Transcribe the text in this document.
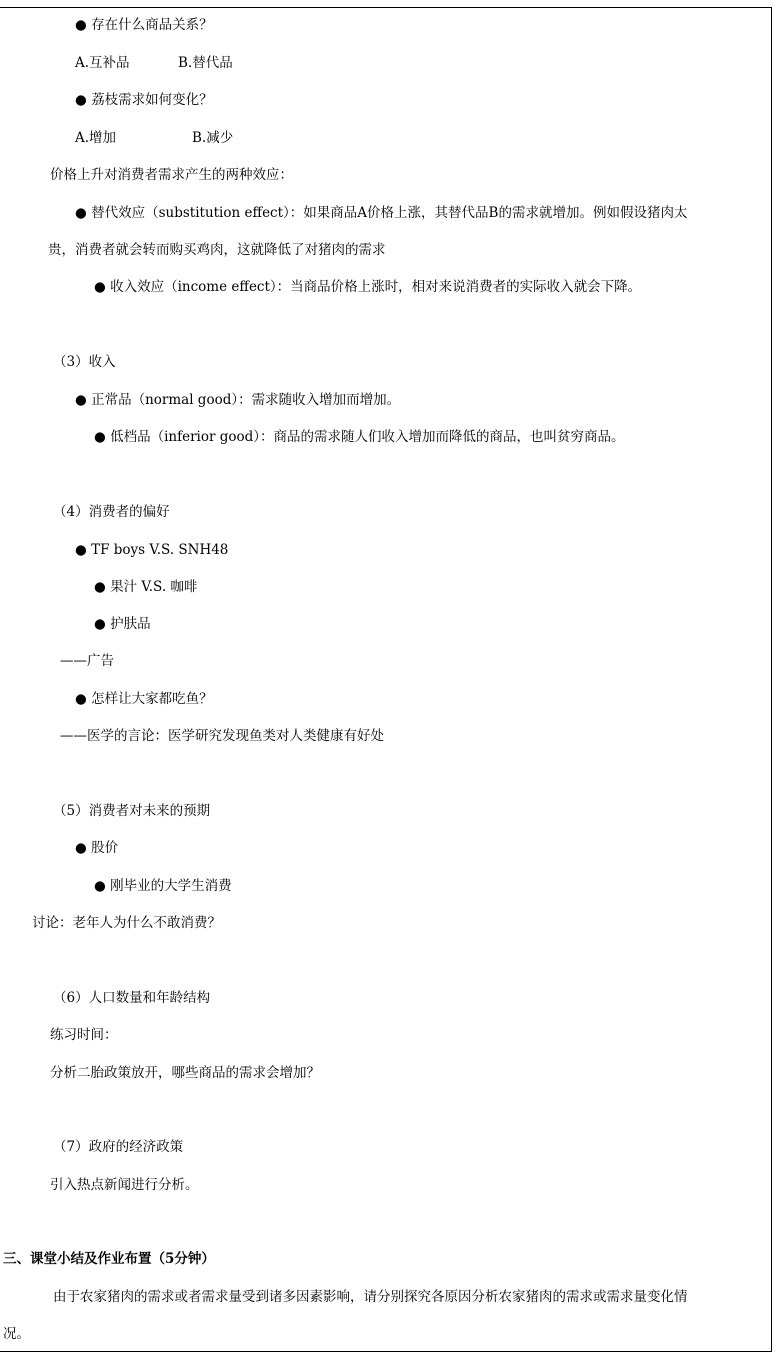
● 存在什么商品关系？
A.互补品	B.替代品
● 荔枝需求如何变化？
A.增加	B.减少
价格上升对消费者需求产生的两种效应：
● 替代效应（substitution effect）：如果商品A价格上涨，其替代品B的需求就增加。例如假设猪肉太
贵，消费者就会转而购买鸡肉，这就降低了对猪肉的需求
● 收入效应（income effect）：当商品价格上涨时，相对来说消费者的实际收入就会下降。
（3）收入
● 正常品（normal good）：需求随收入增加而增加。
● 低档品（inferior good）：商品的需求随人们收入增加而降低的商品，也叫贫穷商品。
（4）消费者的偏好
● TF boys V.S. SNH48
● 果汁 V.S. 咖啡
● 护肤品
——广告
● 怎样让大家都吃鱼？
——医学的言论：医学研究发现鱼类对人类健康有好处
（5）消费者对未来的预期
● 股价
● 刚毕业的大学生消费
讨论：老年人为什么不敢消费？
（6）人口数量和年龄结构
练习时间：
分析二胎政策放开，哪些商品的需求会增加？
（7）政府的经济政策
引入热点新闻进行分析。
三、课堂小结及作业布置（5分钟）
由于农家猪肉的需求或者需求量受到诸多因素影响，请分别探究各原因分析农家猪肉的需求或需求量变化情
况。
